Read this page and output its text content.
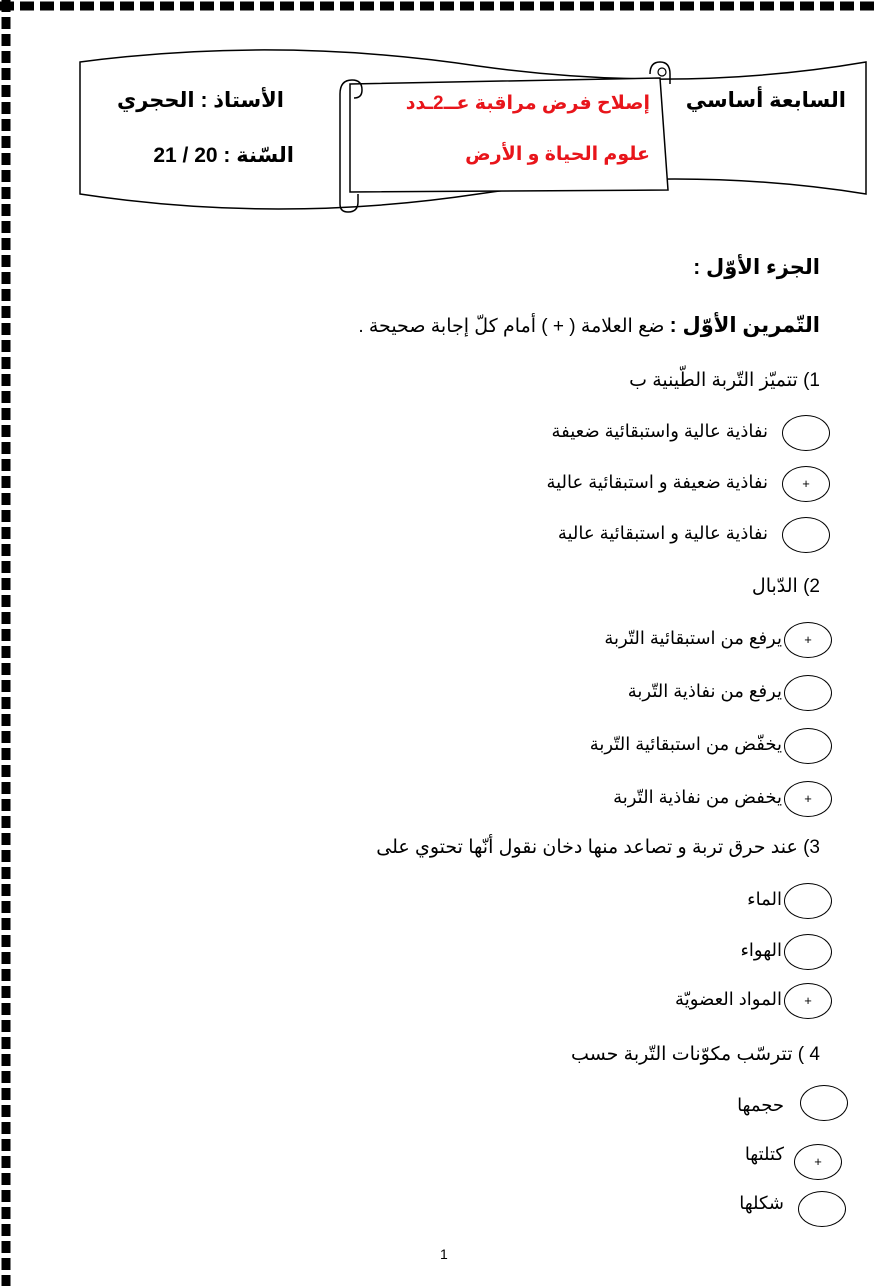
السابعة أساسي
الأستاذ : الحجري
السّنة : 20 / 21
إصلاح فرض مراقبة عــ2ـدد
علوم الحياة و الأرض
الجزء الأوّل :
التّمرين الأوّل : ضع العلامة ( + ) أمام كلّ إجابة صحيحة .
1) تتميّز التّربة الطّينية ب
نفاذية عالية واستبقائية ضعيفة
+
نفاذية ضعيفة و استبقائية عالية
نفاذية عالية و استبقائية عالية
2) الدّبال
+
يرفع من استبقائية التّربة
يرفع من نفاذية التّربة
يخفّض من استبقائية التّربة
+
يخفض من نفاذية التّربة
3) عند حرق تربة و تصاعد منها دخان نقول أنّها تحتوي على
الماء
الهواء
+
المواد العضويّة
4 ) تترسّب مكوّنات التّربة حسب
حجمها
+
كتلتها
شكلها
1
